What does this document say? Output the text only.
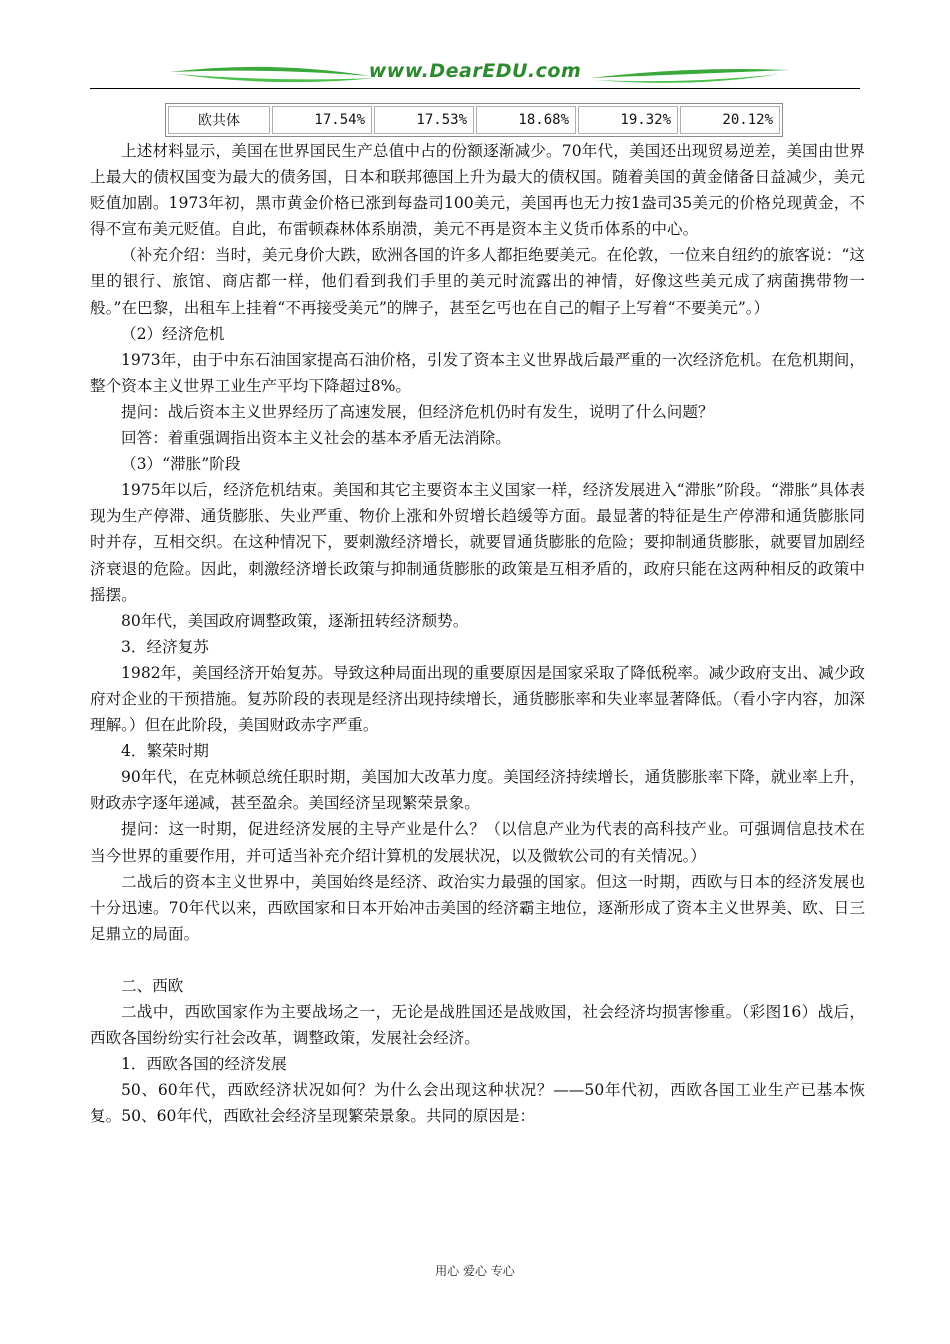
www.DearEDU.com
欧共体	17.54%	17.53%	18.68%	19.32%	20.12%

上述材料显示，美国在世界国民生产总值中占的份额逐渐减少。70年代，美国还出现贸易逆差，美国由世界上最大的债权国变为最大的债务国，日本和联邦德国上升为最大的债权国。随着美国的黄金储备日益减少，美元贬值加剧。1973年初，黑市黄金价格已涨到每盎司100美元，美国再也无力按1盎司35美元的价格兑现黄金，不得不宣布美元贬值。自此，布雷顿森林体系崩溃，美元不再是资本主义货币体系的中心。

（补充介绍：当时，美元身价大跌，欧洲各国的许多人都拒绝要美元。在伦敦，一位来自纽约的旅客说：“这里的银行、旅馆、商店都一样，他们看到我们手里的美元时流露出的神情，好像这些美元成了病菌携带物一般。”在巴黎，出租车上挂着“不再接受美元”的牌子，甚至乞丐也在自己的帽子上写着“不要美元”。）

（2）经济危机

1973年，由于中东石油国家提高石油价格，引发了资本主义世界战后最严重的一次经济危机。在危机期间，整个资本主义世界工业生产平均下降超过8%。

提问：战后资本主义世界经历了高速发展，但经济危机仍时有发生，说明了什么问题？

回答：着重强调指出资本主义社会的基本矛盾无法消除。

（3）“滞胀”阶段

1975年以后，经济危机结束。美国和其它主要资本主义国家一样，经济发展进入“滞胀”阶段。“滞胀”具体表现为生产停滞、通货膨胀、失业严重、物价上涨和外贸增长趋缓等方面。最显著的特征是生产停滞和通货膨胀同时并存，互相交织。在这种情况下，要刺激经济增长，就要冒通货膨胀的危险；要抑制通货膨胀，就要冒加剧经济衰退的危险。因此，刺激经济增长政策与抑制通货膨胀的政策是互相矛盾的，政府只能在这两种相反的政策中摇摆。

80年代，美国政府调整政策，逐渐扭转经济颓势。

3．经济复苏

1982年，美国经济开始复苏。导致这种局面出现的重要原因是国家采取了降低税率。减少政府支出、减少政府对企业的干预措施。复苏阶段的表现是经济出现持续增长，通货膨胀率和失业率显著降低。（看小字内容，加深理解。）但在此阶段，美国财政赤字严重。

4．繁荣时期

90年代，在克林顿总统任职时期，美国加大改革力度。美国经济持续增长，通货膨胀率下降，就业率上升，财政赤字逐年递减，甚至盈余。美国经济呈现繁荣景象。

提问：这一时期，促进经济发展的主导产业是什么？（以信息产业为代表的高科技产业。可强调信息技术在当今世界的重要作用，并可适当补充介绍计算机的发展状况，以及微软公司的有关情况。）

二战后的资本主义世界中，美国始终是经济、政治实力最强的国家。但这一时期，西欧与日本的经济发展也十分迅速。70年代以来，西欧国家和日本开始冲击美国的经济霸主地位，逐渐形成了资本主义世界美、欧、日三足鼎立的局面。

二、西欧

二战中，西欧国家作为主要战场之一，无论是战胜国还是战败国，社会经济均损害惨重。（彩图16）战后，西欧各国纷纷实行社会改革，调整政策，发展社会经济。

1．西欧各国的经济发展

50、60年代，西欧经济状况如何？为什么会出现这种状况？——50年代初，西欧各国工业生产已基本恢复。50、60年代，西欧社会经济呈现繁荣景象。共同的原因是：

用心 爱心 专心
